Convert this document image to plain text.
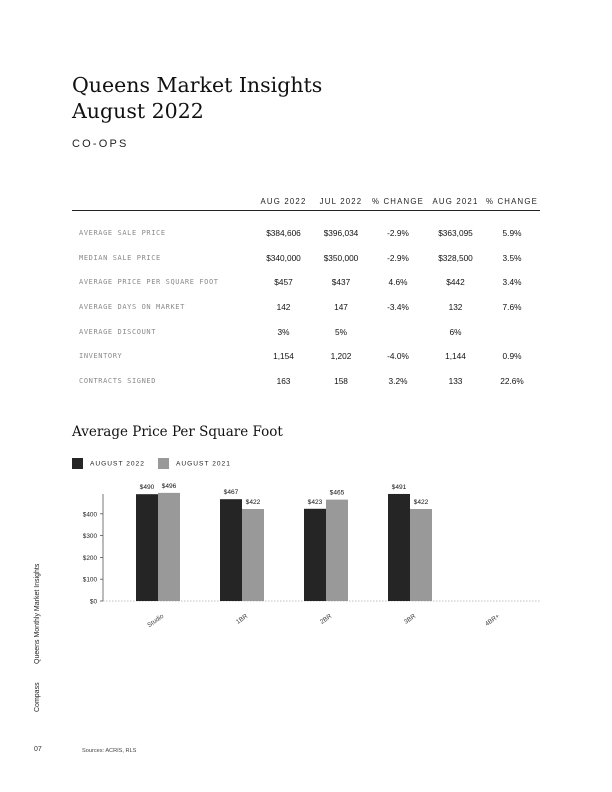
Queens Market Insights
August 2022
CO-OPS
	AUG 2022	JUL 2022	% CHANGE	AUG 2021	% CHANGE
AVERAGE SALE PRICE	$384,606	$396,034	-2.9%	$363,095	5.9%
MEDIAN SALE PRICE	$340,000	$350,000	-2.9%	$328,500	3.5%
AVERAGE PRICE PER SQUARE FOOT	$457	$437	4.6%	$442	3.4%
AVERAGE DAYS ON MARKET	142	147	-3.4%	132	7.6%
AVERAGE DISCOUNT	3%	5%		6%	
INVENTORY	1,154	1,202	-4.0%	1,144	0.9%
CONTRACTS SIGNED	163	158	3.2%	133	22.6%
Average Price Per Square Foot
AUGUST 2022	AUGUST 2021
$0
$100
$200
$300
$400
$490 $496
Studio
$467
$422
1BR
$423
$465
2BR
$491
$422
3BR	4BR+
Compass
Queens Monthly Market Insights
07	Sources: ACRIS, RLS
